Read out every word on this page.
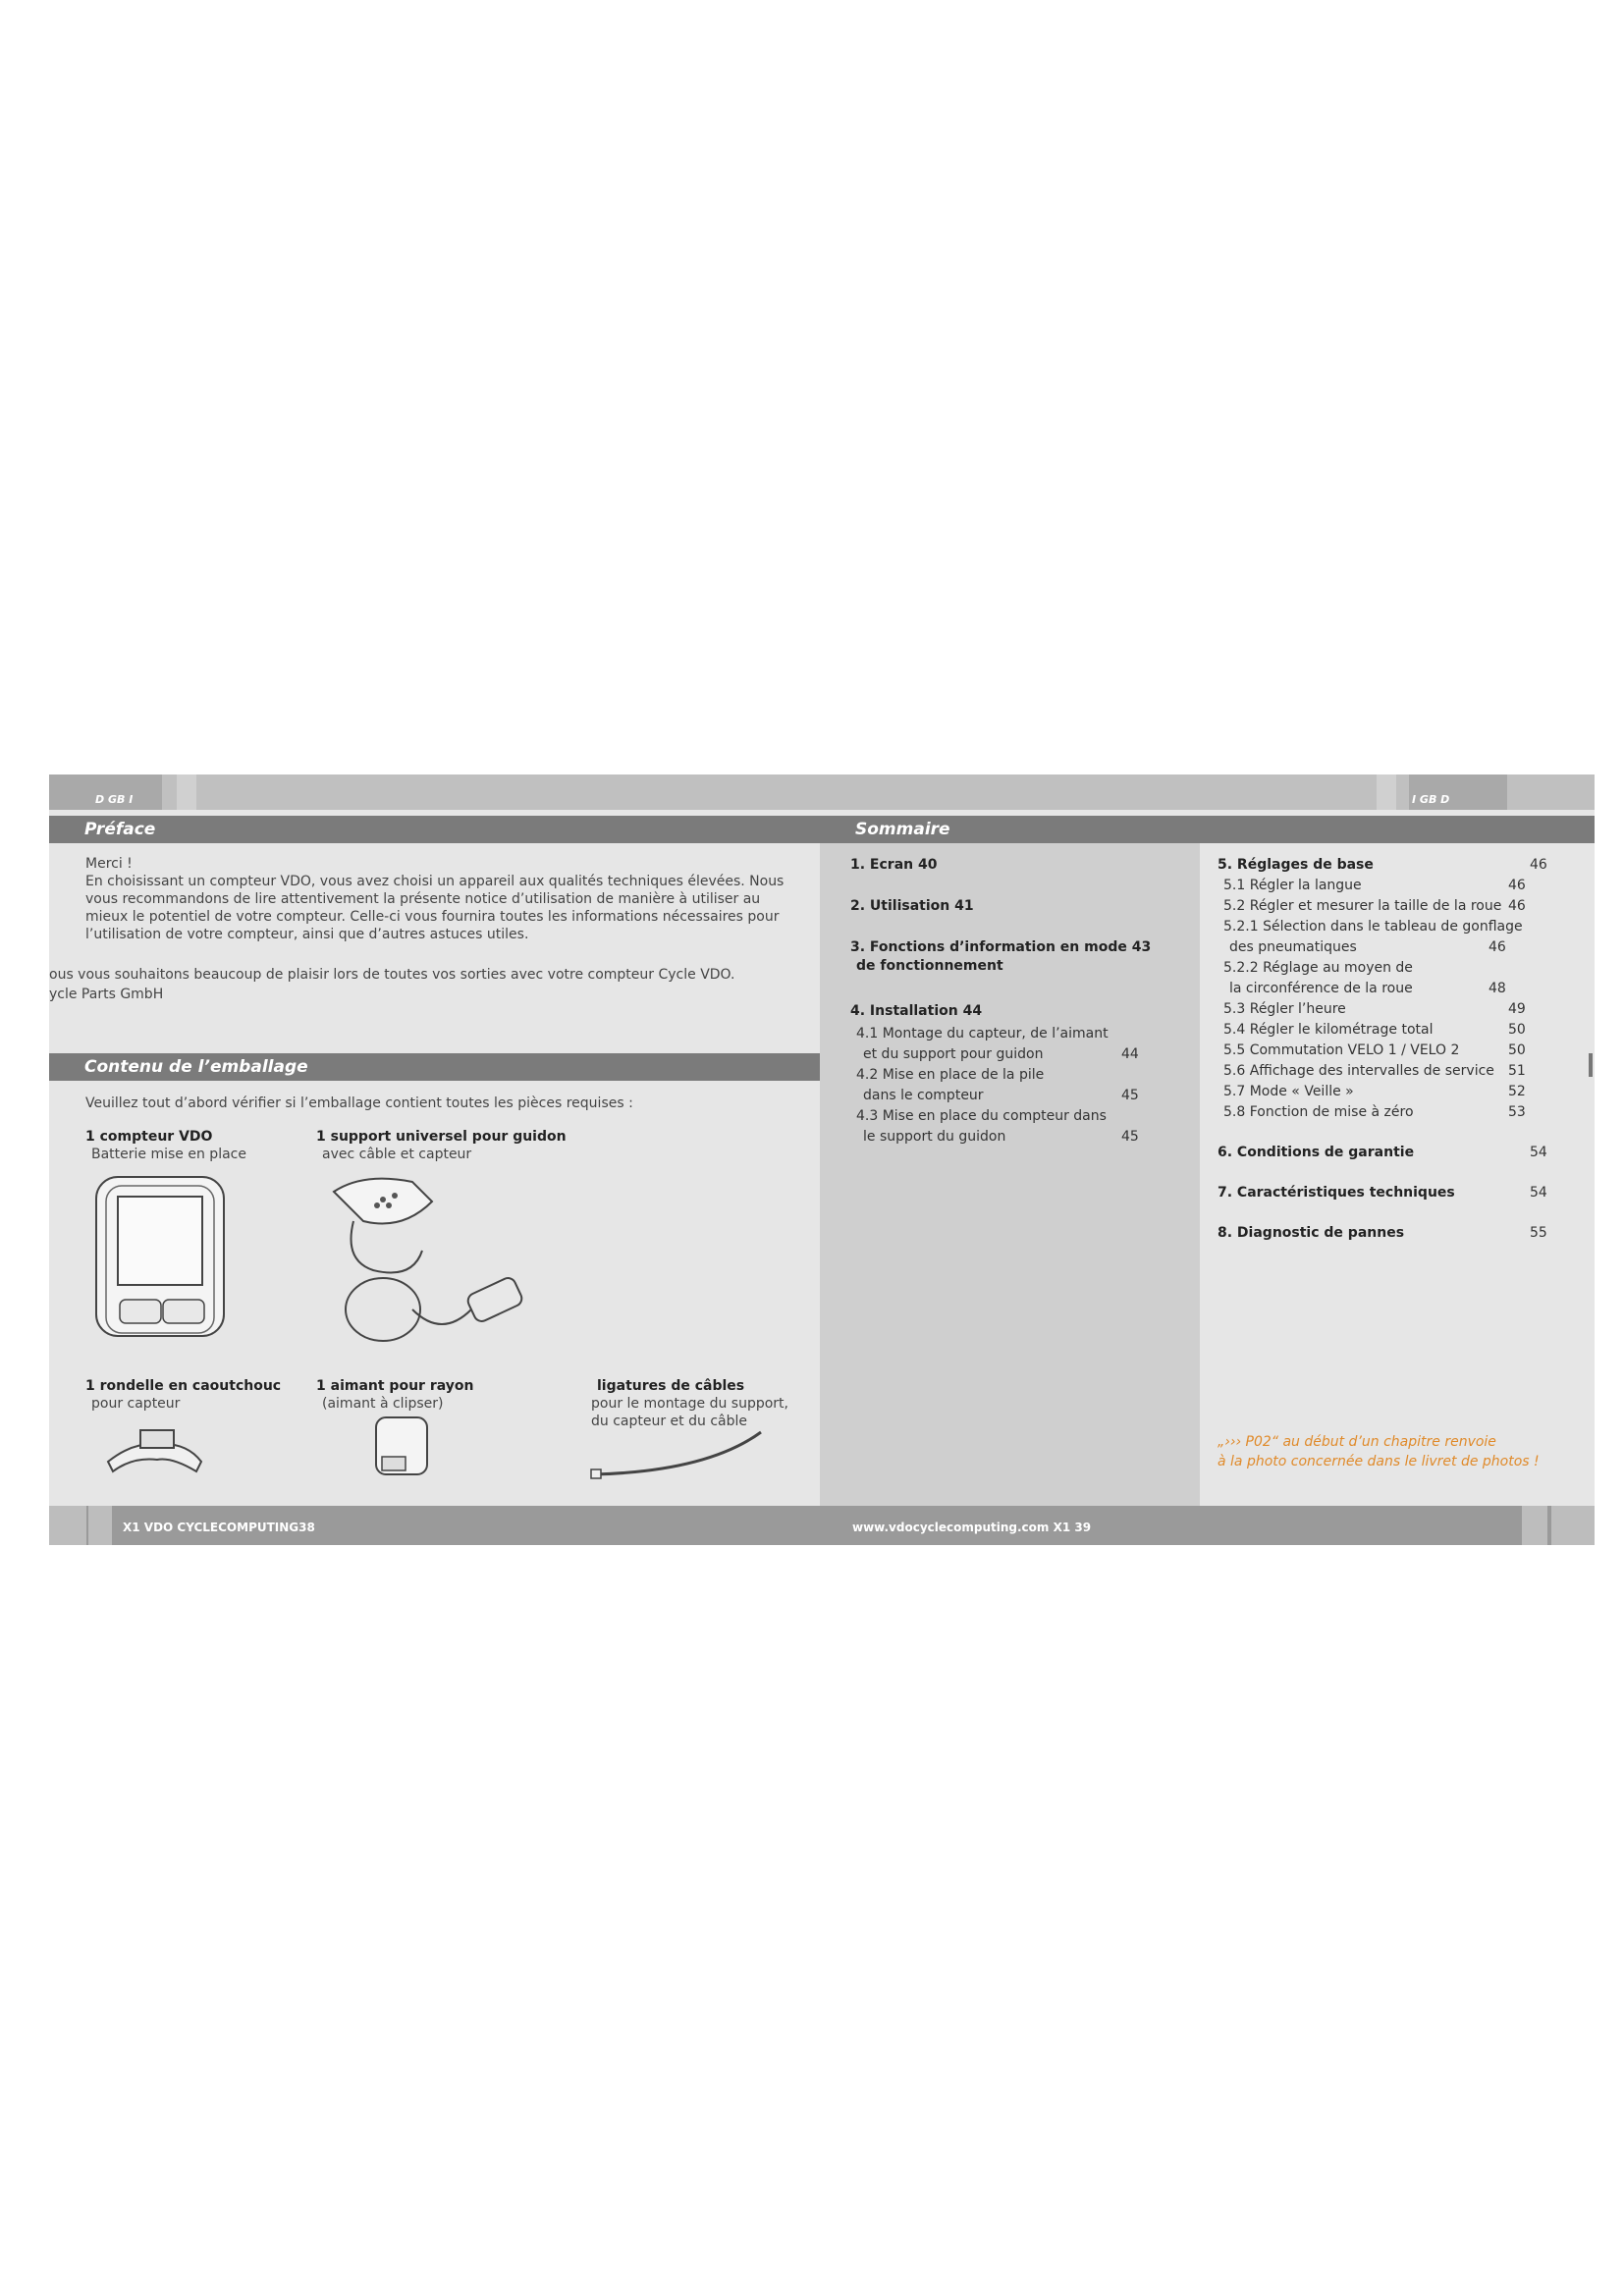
D GB I	I GB D
Préface	Sommaire
Merci !
En choisissant un compteur VDO, vous avez choisi un appareil aux qualités techniques élevées. Nous
vous recommandons de lire attentivement la présente notice d’utilisation de manière à utiliser au
mieux le potentiel de votre compteur. Celle-ci vous fournira toutes les informations nécessaires pour
l’utilisation de votre compteur, ainsi que d’autres astuces utiles.
ous vous souhaitons beaucoup de plaisir lors de toutes vos sorties avec votre compteur Cycle VDO.
ycle Parts GmbH
Contenu de l’emballage
Veuillez tout d’abord vérifier si l’emballage contient toutes les pièces requises :
1 compteur VDO
Batterie mise en place
1 support universel pour guidon
avec câble et capteur
1 rondelle en caoutchouc
pour capteur
1 aimant pour rayon
(aimant à clipser)
ligatures de câbles
pour le montage du support,
du capteur et du câble
1. Ecran 40
2. Utilisation 41
3. Fonctions d’information en mode 43
de fonctionnement
4. Installation 44
4.1 Montage du capteur, de l’aimant
et du support pour guidon	44
4.2 Mise en place de la pile
dans le compteur	45
4.3 Mise en place du compteur dans
le support du guidon	45
5. Réglages de base	46
5.1 Régler la langue	46
5.2 Régler et mesurer la taille de la roue 46
5.2.1 Sélection dans le tableau de gonflage
des pneumatiques	46
5.2.2 Réglage au moyen de
la circonférence de la roue	48
5.3 Régler l’heure	49
5.4 Régler le kilométrage total	50
5.5 Commutation VELO 1 / VELO 2	50
5.6 Affichage des intervalles de service 51
5.7 Mode « Veille »	52
5.8 Fonction de mise à zéro	53
6. Conditions de garantie	54
7. Caractéristiques techniques	54
8. Diagnostic de pannes	55
„››› P02“ au début d’un chapitre renvoie
à la photo concernée dans le livret de photos !
X1 VDO CYCLECOMPUTING38	www.vdocyclecomputing.com X1 39
